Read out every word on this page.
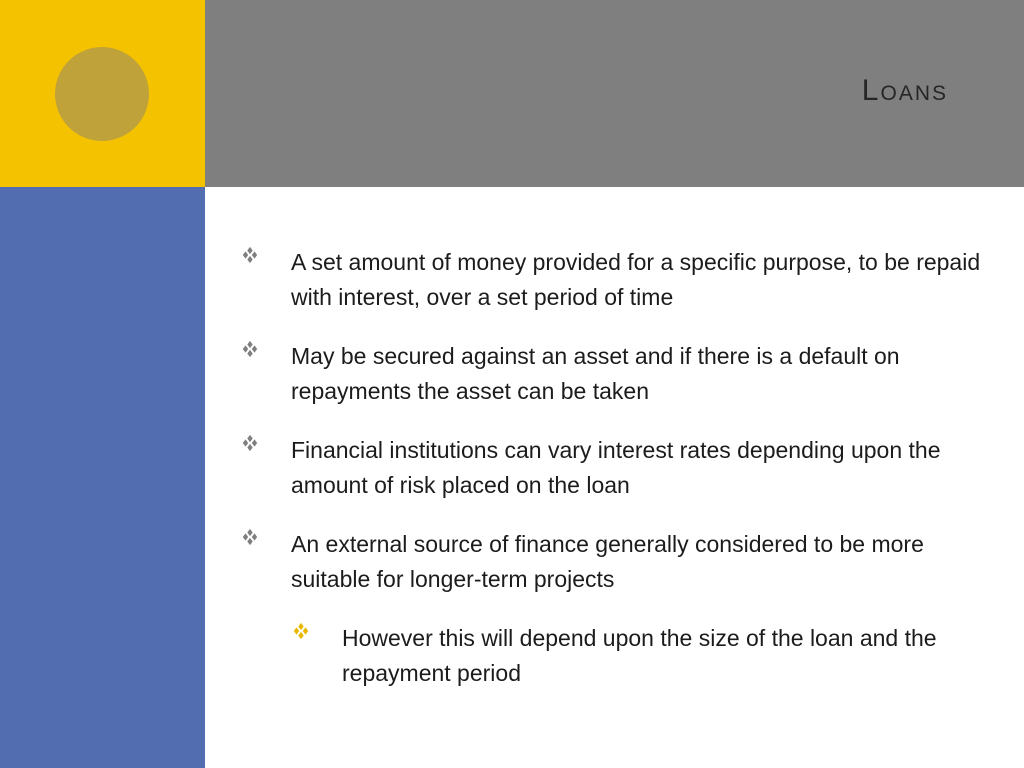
Loans
A set amount of money provided for a specific purpose, to be repaid with interest, over a set period of time
May be secured against an asset and if there is a default on repayments the asset can be taken
Financial institutions can vary interest rates depending upon the amount of risk placed on the loan
An external source of finance generally considered to be more suitable for longer-term projects
However this will depend upon the size of the loan and the repayment period
